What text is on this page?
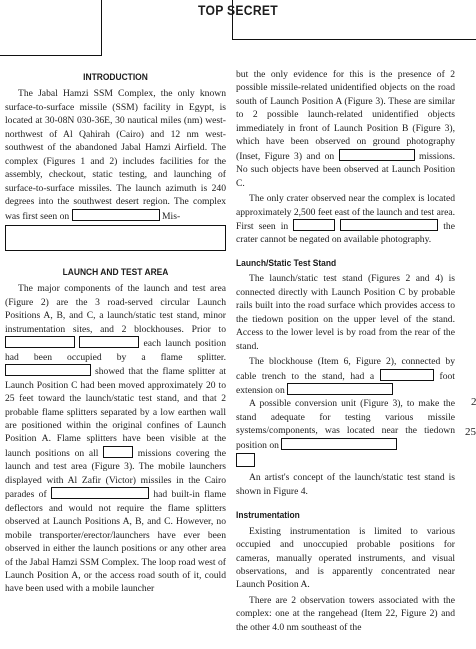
TOP SECRET
INTRODUCTION

The Jabal Hamzi SSM Complex, the only known surface-to-surface missile (SSM) facility in Egypt, is located at 30-08N 030-36E, 30 nautical miles (nm) west-northwest of Al Qahirah (Cairo) and 12 nm west-southwest of the abandoned Jabal Hamzi Airfield. The complex (Figures 1 and 2) includes facilities for the assembly, checkout, static testing, and launching of surface-to-surface missiles. The launch azimuth is 240 degrees into the southwest desert region. The complex was first seen on	Mis-

LAUNCH AND TEST AREA

The major components of the launch and test area (Figure 2) are the 3 road-served circular Launch Positions A, B, and C, a launch/static test stand, minor instrumentation sites, and 2 blockhouses. Prior to   each launch position had been occupied by a flame splitter.  showed that the flame splitter at Launch Position C had been moved approximately 20 to 25 feet toward the launch/static test stand, and that 2 probable flame splitters separated by a low earthen wall are positioned within the original confines of Launch Position A. Flame splitters have been visible at the launch positions on all	missions covering the launch and test area (Figure 3). The mobile launchers displayed with Al Zafir (Victor) missiles in the Cairo parades of	had built-in flame deflectors and would not require the flame splitters observed at Launch Positions A, B, and C. However, no mobile transporter/erector/launchers have ever been observed in either the launch positions or any other area of the Jabal Hamzi SSM Complex. The loop road west of Launch Position A, or the access road south of it, could have been used with a mobile launcher

but the only evidence for this is the presence of 2 possible missile-related unidentified objects on the road south of Launch Position A (Figure 3). These are similar to 2 possible launch-related unidentified objects immediately in front of Launch Position B (Figure 3), which have been observed on ground photography (Inset, Figure 3) and on	missions. No such objects have been observed at Launch Position C.

The only crater observed near the complex is located approximately 2,500 feet east of the launch and test area. First seen in	the crater cannot be negated on available photography.

Launch/Static Test Stand

The launch/static test stand (Figures 2 and 4) is connected directly with Launch Position C by probable rails built into the road surface which provides access to the tiedown position on the upper level of the stand. Access to the lower level is by road from the rear of the stand.

The blockhouse (Item 6, Figure 2), connected by cable trench to the stand, had a	foot extension on

A possible conversion unit (Figure 3), to make the stand adequate for testing various missile systems/components, was located near the tiedown position on

An artist's concept of the launch/static test stand is shown in Figure 4.

Instrumentation

Existing instrumentation is limited to various occupied and unoccupied probable positions for cameras, manually operated instruments, and visual observations, and is apparently concentrated near Launch Position A.

There are 2 observation towers associated with the complex: one at the rangehead (Item 22, Figure 2) and the other 4.0 nm southeast of the

2
25
